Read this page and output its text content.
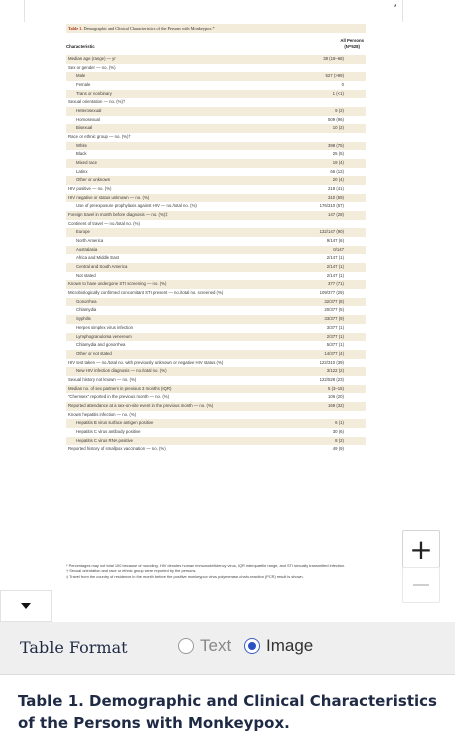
,
Table 1. Demographic and Clinical Characteristics of the Persons with Monkeypox.*
Characteristic
All Persons
(N=528)
Median age (range) — yr	38 (18–68)
Sex or gender — no. (%)
Male	527 (>99)
Female	0
Trans or nonbinary	1 (<1)
Sexual orientation — no. (%)†
Heterosexual	9 (2)
Homosexual	509 (96)
Bisexual	10 (2)
Race or ethnic group — no. (%)†
White	398 (75)
Black	25 (5)
Mixed race	19 (4)
Latinx	66 (12)
Other or unknown	20 (4)
HIV positive — no. (%)	218 (41)
HIV negative or status unknown — no. (%)	310 (59)
Use of preexposure prophylaxis against HIV — no./total no. (%)	176/310 (57)
Foreign travel in month before diagnosis — no. (%)‡	147 (28)
Continent of travel — no./total no. (%)
Europe	132/147 (90)
North America	9/147 (6)
Australasia	0/147
Africa and Middle East	2/147 (1)
Central and South America	2/147 (1)
Not stated	2/147 (1)
Known to have undergone STI screening — no. (%)	377 (71)
Microbiologically confirmed concomitant STI present — no./total no. screened (%)	109/377 (29)
Gonorrhea	32/377 (8)
Chlamydia	20/377 (5)
Syphilis	33/377 (9)
Herpes simplex virus infection	3/377 (1)
Lymphogranuloma venereum	2/377 (1)
Chlamydia and gonorrhea	5/377 (1)
Other or not stated	14/377 (4)
HIV test taken — no./total no. with previously unknown or negative HIV status (%)	122/310 (39)
New HIV infection diagnosis — no./total no. (%)	3/122 (2)
Sexual history not known — no. (%)	122/528 (23)
Median no. of sex partners in previous 3 months (IQR)	5 (3–15)
“Chemsex” reported in the previous month — no. (%)	106 (20)
Reported attendance at a sex-on-site event in the previous month — no. (%)	169 (32)
Known hepatitis infection — no. (%)
Hepatitis B virus surface antigen positive	6 (1)
Hepatitis C virus antibody positive	30 (6)
Hepatitis C virus RNA positive	8 (2)
Reported history of smallpox vaccination — no. (%)	49 (9)
* Percentages may not total 100 because of rounding. HIV denotes human immunodeficiency virus, IQR interquartile range, and STI sexually transmitted infection.
† Sexual orientation and race or ethnic group were reported by the persons.
‡ Travel from the country of residence in the month before the positive monkeypox virus polymerase-chain-reaction (PCR) result is shown.
+
Table Format	Text Image
Table 1. Demographic and Clinical Characteristics of the Persons with Monkeypox.
